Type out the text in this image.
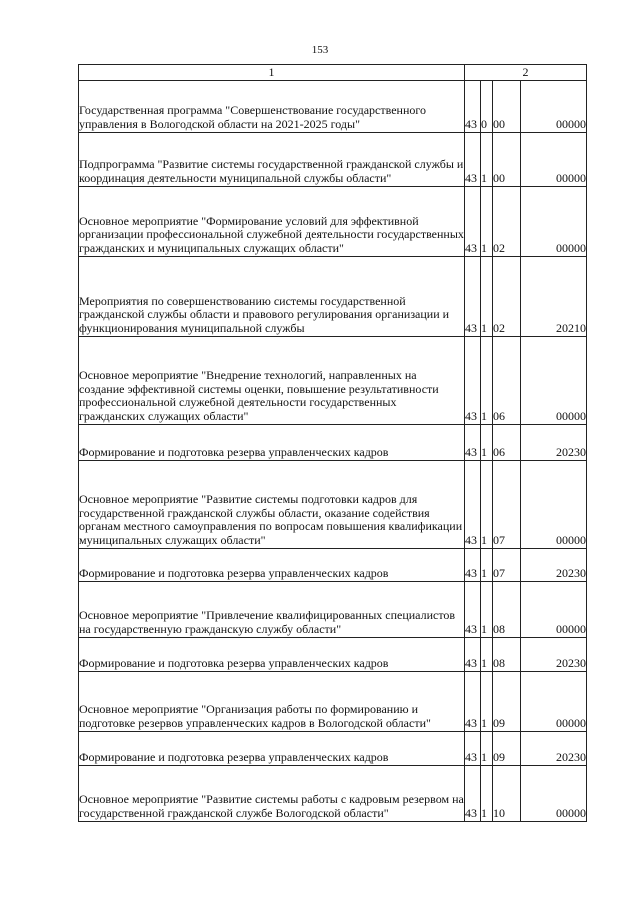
153
1	2			
Государственная программа "Совершенствование государственного управления в Вологодской области на 2021-2025 годы"	43	0	00	00000
Подпрограмма "Развитие системы государственной гражданской службы и координация деятельности муниципальной службы области"	43	1	00	00000
Основное мероприятие "Формирование условий для эффективной организации профессиональной служебной деятельности государственных гражданских и муниципальных служащих области"	43	1	02	00000
Мероприятия по совершенствованию системы государственной гражданской службы области и правового регулирования организации и функционирования муниципальной службы	43	1	02	20210
Основное мероприятие "Внедрение технологий, направленных на создание эффективной системы оценки, повышение результативности профессиональной служебной деятельности государственных гражданских служащих области"	43	1	06	00000
Формирование и подготовка резерва управленческих кадров	43	1	06	20230
Основное мероприятие "Развитие системы подготовки кадров для государственной гражданской службы области, оказание содействия органам местного самоуправления по вопросам повышения квалификации муниципальных служащих области"	43	1	07	00000
Формирование и подготовка резерва управленческих кадров	43	1	07	20230
Основное мероприятие "Привлечение квалифицированных специалистов на государственную гражданскую службу области"	43	1	08	00000
Формирование и подготовка резерва управленческих кадров	43	1	08	20230
Основное мероприятие "Организация работы по формированию и подготовке резервов управленческих кадров в Вологодской области"	43	1	09	00000
Формирование и подготовка резерва управленческих кадров	43	1	09	20230
Основное мероприятие "Развитие системы работы с кадровым резервом на государственной гражданской службе Вологодской области"	43	1	10	00000
